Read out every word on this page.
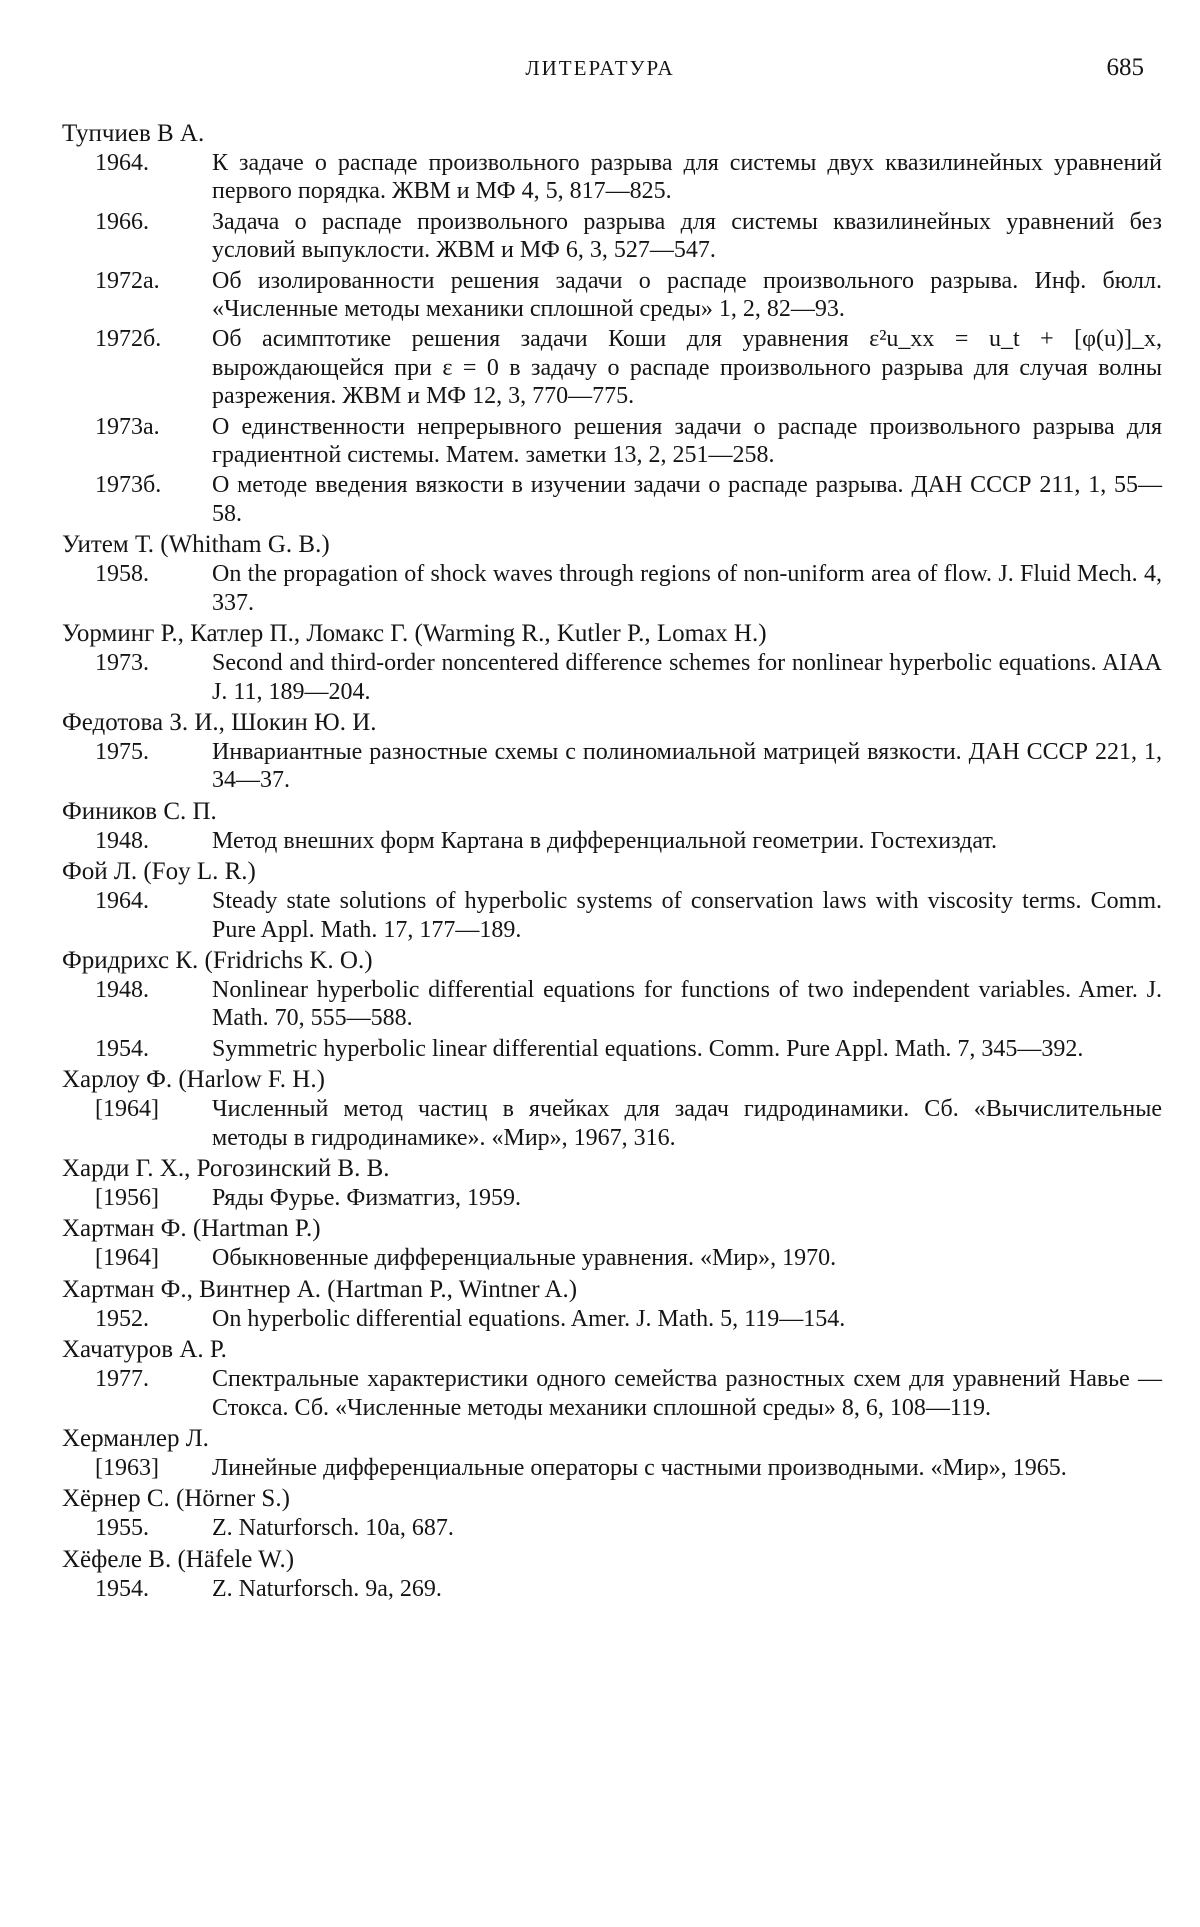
ЛИТЕРАТУРА	685
Тупчиев В А.
1964.	К задаче о распаде произвольного разрыва для системы двух квазилинейных уравнений первого порядка. ЖВМ и МФ 4, 5, 817—825.
1966.	Задача о распаде произвольного разрыва для системы квазилинейных уравнений без условий выпуклости. ЖВМ и МФ 6, 3, 527—547.
1972а. Об изолированности решения задачи о распаде произвольного разрыва. Инф. бюлл. «Численные методы механики сплошной среды» 1, 2, 82—93.
1972б. Об асимптотике решения задачи Коши для уравнения ε²u_xx = u_t + [φ(u)]_x, вырождающейся при ε = 0 в задачу о распаде произвольного разрыва для случая волны разрежения. ЖВМ и МФ 12, 3, 770—775.
1973а. О единственности непрерывного решения задачи о распаде произвольного разрыва для градиентной системы. Матем. заметки 13, 2, 251—258.
1973б. О методе введения вязкости в изучении задачи о распаде разрыва. ДАН СССР 211, 1, 55—58.
Уитем Т. (Whitham G. B.)
1958.	On the propagation of shock waves through regions of non-uniform area of flow. J. Fluid Mech. 4, 337.
Уорминг Р., Катлер П., Ломакс Г. (Warming R., Kutler P., Lomax H.)
1973.	Second and third-order noncentered difference schemes for nonlinear hyperbolic equations. AIAA J. 11, 189—204.
Федотова З. И., Шокин Ю. И.
1975.	Инвариантные разностные схемы с полиномиальной матрицей вязкости. ДАН СССР 221, 1, 34—37.
Фиников С. П.
1948.	Метод внешних форм Картана в дифференциальной геометрии. Гостехиздат.
Фой Л. (Foy L. R.)
1964.	Steady state solutions of hyperbolic systems of conservation laws with viscosity terms. Comm. Pure Appl. Math. 17, 177—189.
Фридрихс К. (Fridrichs K. O.)
1948.	Nonlinear hyperbolic differential equations for functions of two independent variables. Amer. J. Math. 70, 555—588.
1954.	Symmetric hyperbolic linear differential equations. Comm. Pure Appl. Math. 7, 345—392.
Харлоу Ф. (Harlow F. H.)
[1964] Численный метод частиц в ячейках для задач гидродинамики. Сб. «Вычислительные методы в гидродинамике». «Мир», 1967, 316.
Харди Г. Х., Рогозинский В. В.
[1956] Ряды Фурье. Физматгиз, 1959.
Хартман Ф. (Hartman P.)
[1964] Обыкновенные дифференциальные уравнения. «Мир», 1970.
Хартман Ф., Винтнер А. (Hartman P., Wintner A.)
1952.	On hyperbolic differential equations. Amer. J. Math. 5, 119—154.
Хачатуров А. Р.
1977.	Спектральные характеристики одного семейства разностных схем для уравнений Навье — Стокса. Сб. «Численные методы механики сплошной среды» 8, 6, 108—119.
Херманлер Л.
[1963] Линейные дифференциальные операторы с частными производными. «Мир», 1965.
Хёрнер С. (Hörner S.)
1955.	Z. Naturforsch. 10a, 687.
Хёфеле В. (Häfele W.)
1954.	Z. Naturforsch. 9a, 269.
